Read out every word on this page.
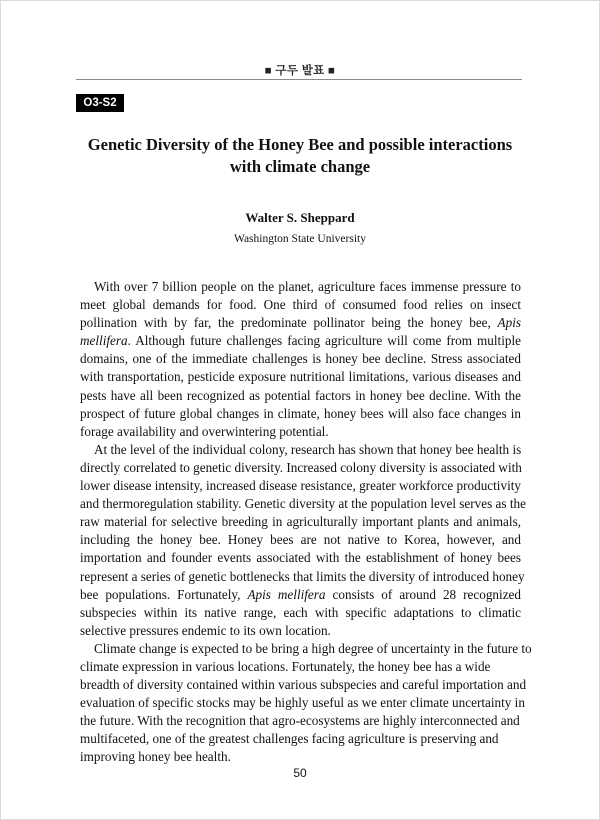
■ 구두 발표 ■
O3-S2
Genetic Diversity of the Honey Bee and possible interactions
with climate change
Walter S. Sheppard
Washington State University
With over 7 billion people on the planet, agriculture faces immense pressure to
meet global demands for food. One third of consumed food relies on insect
pollination with by far, the predominate pollinator being the honey bee, Apis
mellifera. Although future challenges facing agriculture will come from multiple
domains, one of the immediate challenges is honey bee decline. Stress associated
with transportation, pesticide exposure nutritional limitations, various diseases and
pests have all been recognized as potential factors in honey bee decline. With the
prospect of future global changes in climate, honey bees will also face changes in
forage availability and overwintering potential.
At the level of the individual colony, research has shown that honey bee health is
directly correlated to genetic diversity. Increased colony diversity is associated with
lower disease intensity, increased disease resistance, greater workforce productivity
and thermoregulation stability. Genetic diversity at the population level serves as the
raw material for selective breeding in agriculturally important plants and animals,
including the honey bee. Honey bees are not native to Korea, however, and
importation and founder events associated with the establishment of honey bees
represent a series of genetic bottlenecks that limits the diversity of introduced honey
bee populations. Fortunately, Apis mellifera consists of around 28 recognized
subspecies within its native range, each with specific adaptations to climatic
selective pressures endemic to its own location.
Climate change is expected to be bring a high degree of uncertainty in the future to
climate expression in various locations. Fortunately, the honey bee has a wide
breadth of diversity contained within various subspecies and careful importation and
evaluation of specific stocks may be highly useful as we enter climate uncertainty in
the future. With the recognition that agro-ecosystems are highly interconnected and
multifaceted, one of the greatest challenges facing agriculture is preserving and
improving honey bee health.
50
